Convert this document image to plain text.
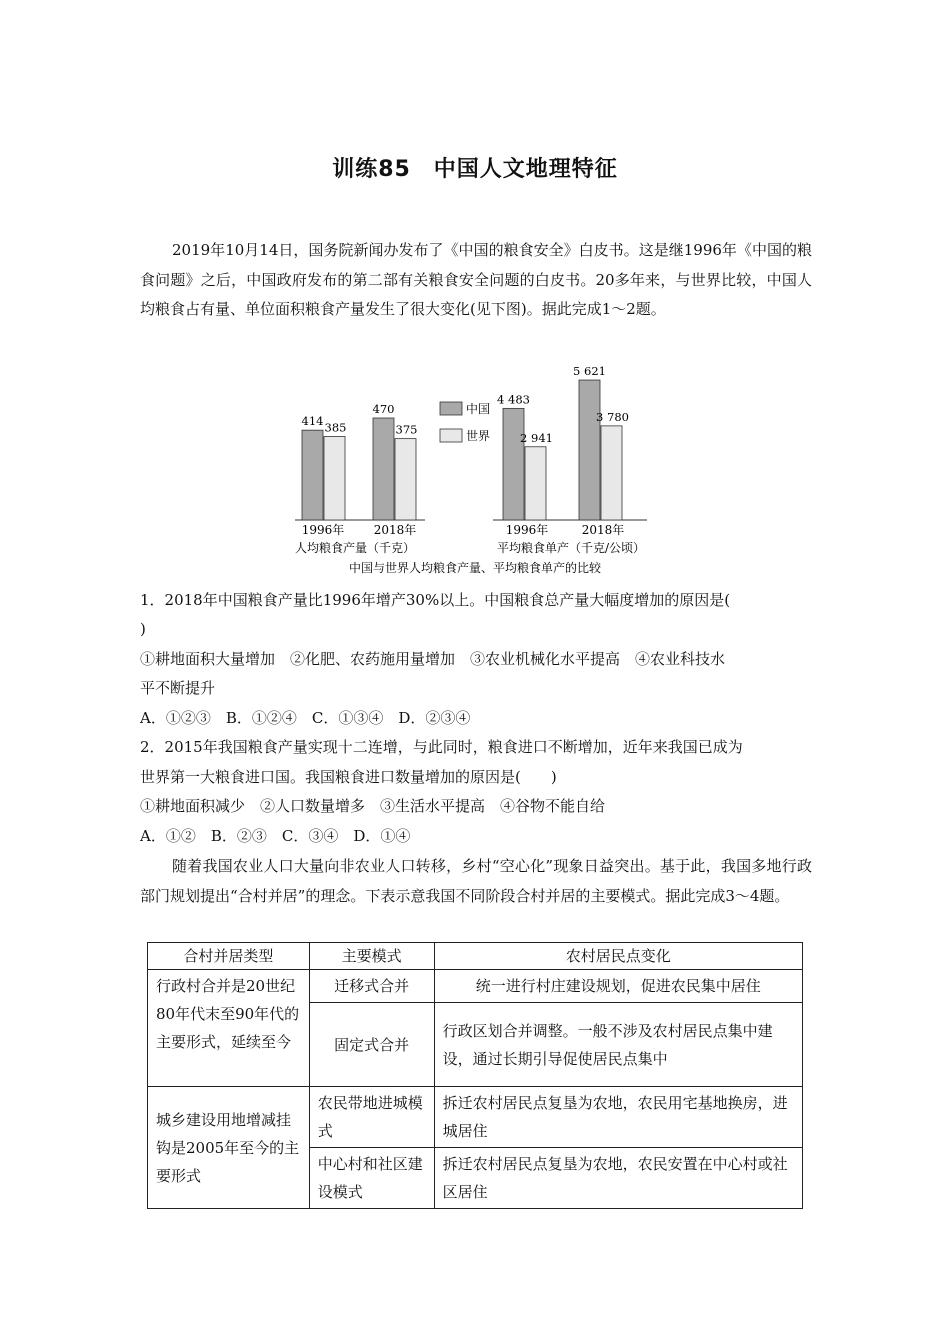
训练85　中国人文地理特征

2019年10月14日，国务院新闻办发布了《中国的粮食安全》白皮书。这是继1996年《中国的粮食问题》之后，中国政府发布的第二部有关粮食安全问题的白皮书。20多年来，与世界比较，中国人均粮食占有量、单位面积粮食产量发生了很大变化(见下图)。据此完成1～2题。

414 385
470
375
4 483
2 941
5 621
3 780
1996年 2018年	1996年	2018年
人均粮食产量（千克）	平均粮食单产（千克/公顷）
中国与世界人均粮食产量、平均粮食单产的比较
中国
世界
1．2018年中国粮食产量比1996年增产30%以上。中国粮食总产量大幅度增加的原因是(
)
①耕地面积大量增加　②化肥、农药施用量增加　③农业机械化水平提高　④农业科技水
平不断提升
A．①②③　B．①②④　C．①③④　D．②③④
2．2015年我国粮食产量实现十二连增，与此同时，粮食进口不断增加，近年来我国已成为
世界第一大粮食进口国。我国粮食进口数量增加的原因是(　　)
①耕地面积减少　②人口数量增多　③生活水平提高　④谷物不能自给
A．①②　B．②③　C．③④　D．①④

随着我国农业人口大量向非农业人口转移，乡村“空心化”现象日益突出。基于此，我国多地行政部门规划提出“合村并居”的理念。下表示意我国不同阶段合村并居的主要模式。据此完成3～4题。

合村并居类型	主要模式	农村居民点变化
行政村合并是20世纪80年代末至90年代的主要形式，延续至今	迁移式合并	统一进行村庄建设规划，促进农民集中居住
	固定式合并	行政区划合并调整。一般不涉及农村居民点集中建设，通过长期引导促使居民点集中
城乡建设用地增减挂钩是2005年至今的主要形式	农民带地进城模式	拆迁农村居民点复垦为农地，农民用宅基地换房，进城居住
	中心村和社区建设模式	拆迁农村居民点复垦为农地，农民安置在中心村或社区居住
